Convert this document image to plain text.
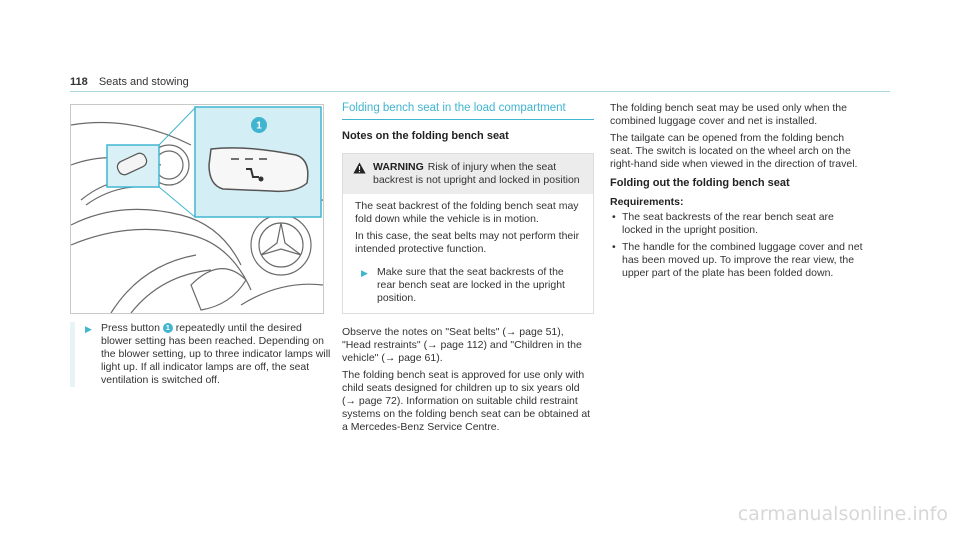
118 Seats and stowing
1
▶ Press button 1 repeatedly until the desired blower setting has been reached. Depending on the blower setting, up to three indicator lamps will light up. If all indicator lamps are off, the seat ventilation is switched off.

Folding bench seat in the load compartment
Notes on the folding bench seat
WARNING Risk of injury when the seat backrest is not upright and locked in position

The seat backrest of the folding bench seat may fold down while the vehicle is in motion.

In this case, the seat belts may not perform their intended protective function.

▶ Make sure that the seat backrests of the rear bench seat are locked in the upright position.

Observe the notes on "Seat belts" (→ page 51), "Head restraints" (→ page 112) and "Children in the vehicle" (→ page 61).

The folding bench seat is approved for use only with child seats designed for children up to six years old (→ page 72). Information on suitable child restraint systems on the folding bench seat can be obtained at a Mercedes-Benz Service Centre.

The folding bench seat may be used only when the combined luggage cover and net is installed.

The tailgate can be opened from the folding bench seat. The switch is located on the wheel arch on the right-hand side when viewed in the direction of travel.

Folding out the folding bench seat
Requirements:
• The seat backrests of the rear bench seat are locked in the upright position.
• The handle for the combined luggage cover and net has been moved up. To improve the rear view, the upper part of the plate has been folded down.
carmanualsonline.info
